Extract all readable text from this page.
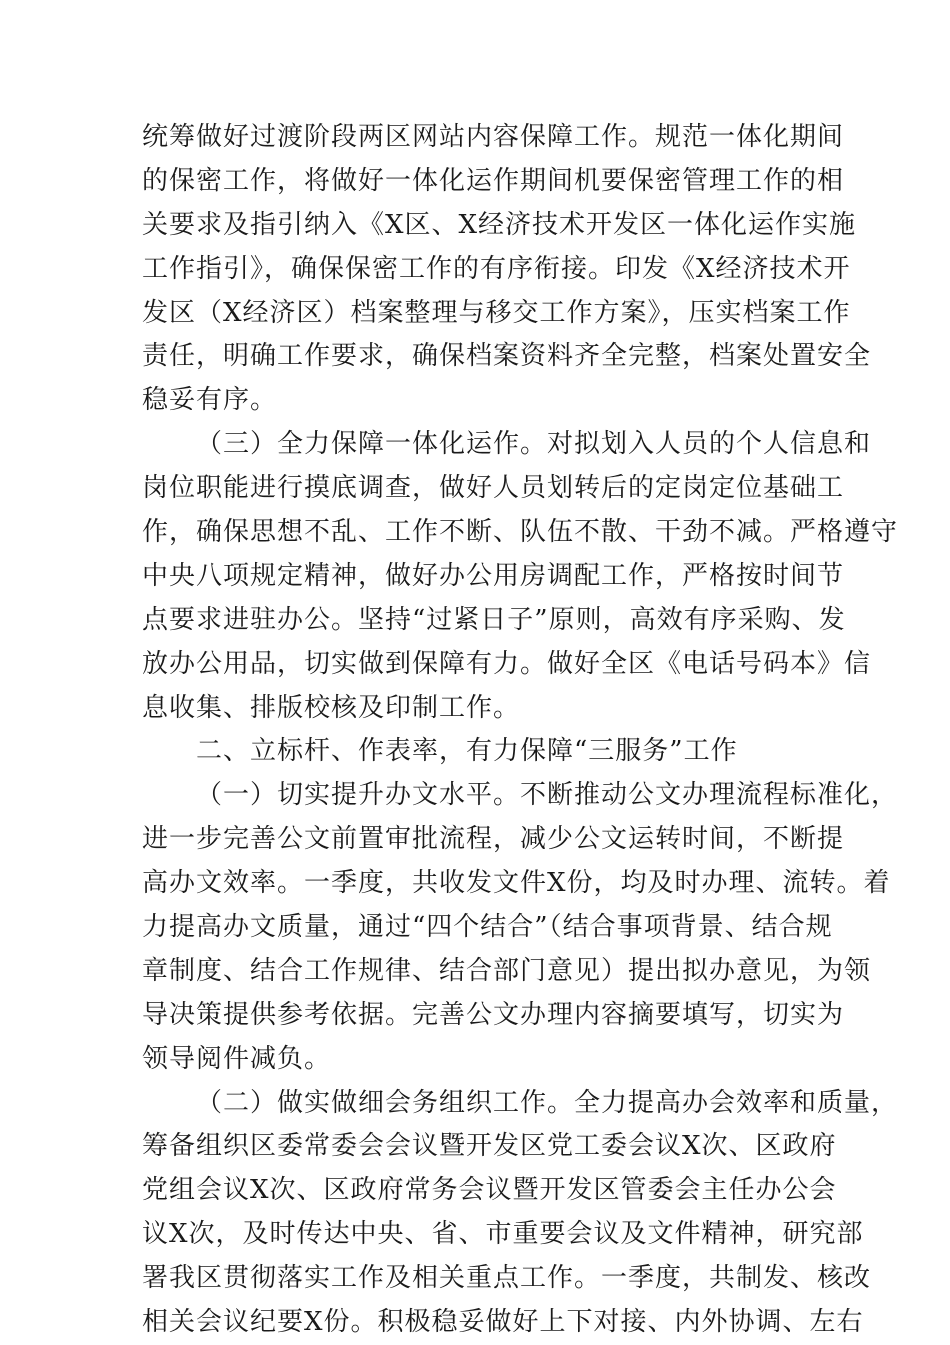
统筹做好过渡阶段两区网站内容保障工作。规范一体化期间
的保密工作，将做好一体化运作期间机要保密管理工作的相
关要求及指引纳入《X区、X经济技术开发区一体化运作实施
工作指引》，确保保密工作的有序衔接。印发《X经济技术开
发区（X经济区）档案整理与移交工作方案》，压实档案工作
责任，明确工作要求，确保档案资料齐全完整，档案处置安全
稳妥有序。
（三）全力保障一体化运作。对拟划入人员的个人信息和
岗位职能进行摸底调查，做好人员划转后的定岗定位基础工
作，确保思想不乱、工作不断、队伍不散、干劲不减。严格遵守
中央八项规定精神，做好办公用房调配工作，严格按时间节
点要求进驻办公。坚持“过紧日子”原则，高效有序采购、发
放办公用品，切实做到保障有力。做好全区《电话号码本》信
息收集、排版校核及印制工作。
二、立标杆、作表率，有力保障“三服务”工作
（一）切实提升办文水平。不断推动公文办理流程标准化，
进一步完善公文前置审批流程，减少公文运转时间，不断提
高办文效率。一季度，共收发文件X份，均及时办理、流转。着
力提高办文质量，通过“四个结合”（结合事项背景、结合规
章制度、结合工作规律、结合部门意见）提出拟办意见，为领
导决策提供参考依据。完善公文办理内容摘要填写，切实为
领导阅件减负。
（二）做实做细会务组织工作。全力提高办会效率和质量，
筹备组织区委常委会会议暨开发区党工委会议X次、区政府
党组会议X次、区政府常务会议暨开发区管委会主任办公会
议X次，及时传达中央、省、市重要会议及文件精神，研究部
署我区贯彻落实工作及相关重点工作。一季度，共制发、核改
相关会议纪要X份。积极稳妥做好上下对接、内外协调、左右
